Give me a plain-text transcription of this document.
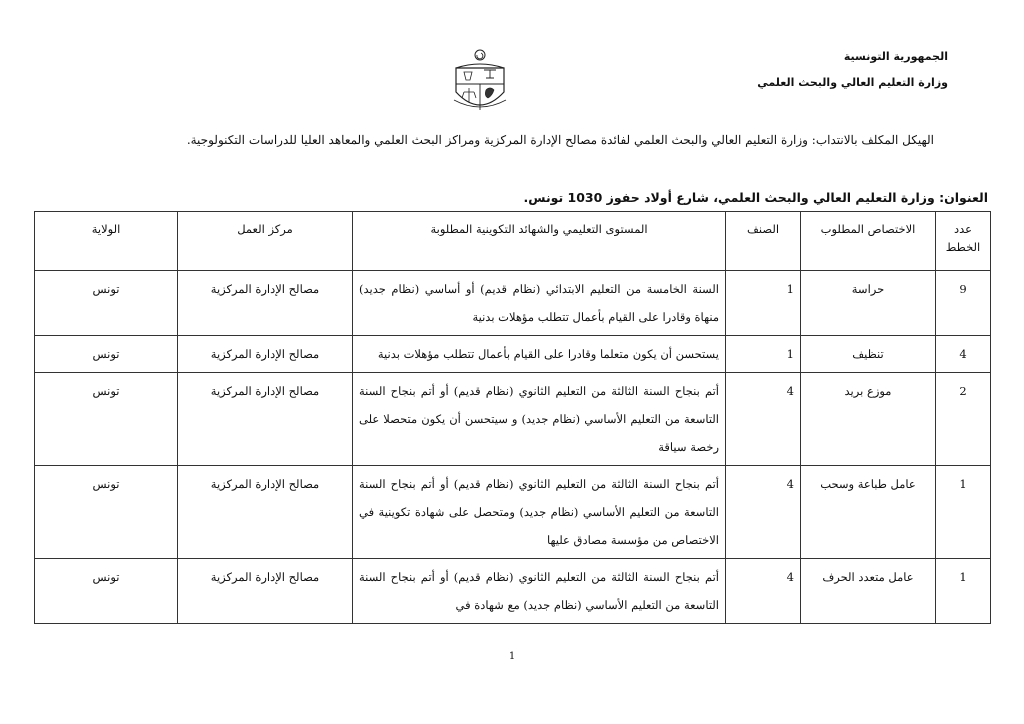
الجمهورية التونسية
وزارة التعليم العالي والبحث العلمي
الهيكل المكلف بالانتداب: وزارة التعليم العالي والبحث العلمي لفائدة مصالح الإدارة المركزية ومراكز البحث العلمي والمعاهد العليا للدراسات التكنولوجية.
العنوان: وزارة التعليم العالي والبحث العلمي، شارع أولاد حفوز 1030 تونس.
عدد الخطط	الاختصاص المطلوب	الصنف	المستوى التعليمي والشهائد التكوينية المطلوبة	مركز العمل	الولاية
9	حراسة	1	السنة الخامسة من التعليم الابتدائي (نظام قديم) أو أساسي (نظام جديد) منهاة وقادرا على القيام بأعمال تتطلب مؤهلات بدنية	مصالح الإدارة المركزية	تونس
4	تنظيف	1	يستحسن أن يكون متعلما وقادرا على القيام بأعمال تتطلب مؤهلات بدنية	مصالح الإدارة المركزية	تونس
2	موزع بريد	4	أتم بنجاح السنة الثالثة من التعليم الثانوي (نظام قديم) أو أتم بنجاح السنة التاسعة من التعليم الأساسي (نظام جديد) و سيتحسن أن يكون متحصلا على رخصة سياقة	مصالح الإدارة المركزية	تونس
1	عامل طباعة وسحب	4	أتم بنجاح السنة الثالثة من التعليم الثانوي (نظام قديم) أو أتم بنجاح السنة التاسعة من التعليم الأساسي (نظام جديد) ومتحصل على شهادة تكوينية في الاختصاص من مؤسسة مصادق عليها	مصالح الإدارة المركزية	تونس
1	عامل متعدد الحرف	4	أتم بنجاح السنة الثالثة من التعليم الثانوي (نظام قديم) أو أتم بنجاح السنة التاسعة من التعليم الأساسي (نظام جديد) مع شهادة في	مصالح الإدارة المركزية	تونس
1
